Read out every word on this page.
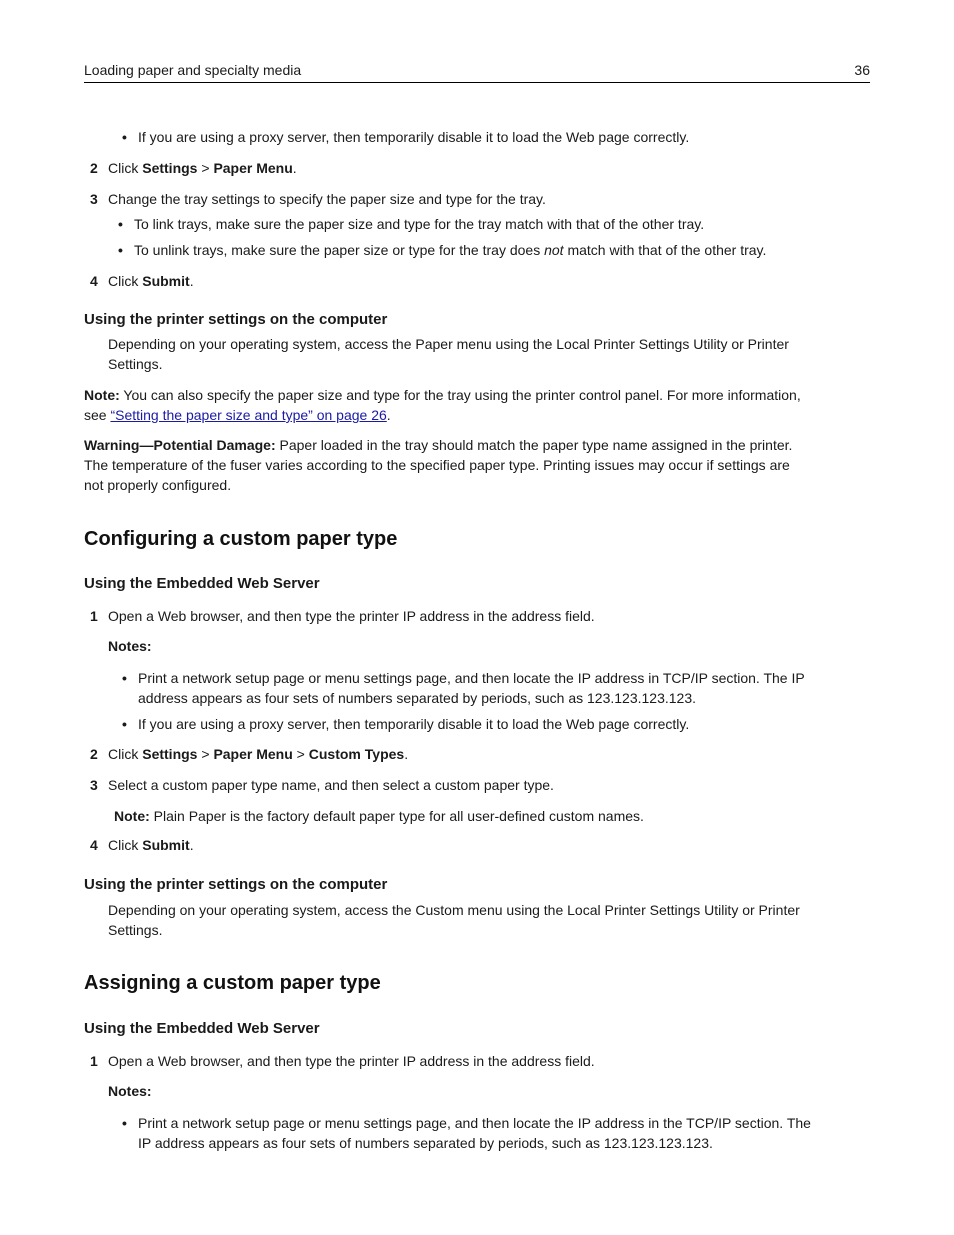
Loading paper and specialty media	36
• If you are using a proxy server, then temporarily disable it to load the Web page correctly.
2 Click Settings > Paper Menu.
3 Change the tray settings to specify the paper size and type for the tray.
• To link trays, make sure the paper size and type for the tray match with that of the other tray.
• To unlink trays, make sure the paper size or type for the tray does not match with that of the other tray.
4 Click Submit.
Using the printer settings on the computer
Depending on your operating system, access the Paper menu using the Local Printer Settings Utility or Printer
Settings.
Note: You can also specify the paper size and type for the tray using the printer control panel. For more information,
see “Setting the paper size and type” on page 26.
Warning—Potential Damage: Paper loaded in the tray should match the paper type name assigned in the printer.
The temperature of the fuser varies according to the specified paper type. Printing issues may occur if settings are
not properly configured.
Configuring a custom paper type
Using the Embedded Web Server
1 Open a Web browser, and then type the printer IP address in the address field.
Notes:
• Print a network setup page or menu settings page, and then locate the IP address in TCP/IP section. The IP
address appears as four sets of numbers separated by periods, such as 123.123.123.123.
• If you are using a proxy server, then temporarily disable it to load the Web page correctly.
2 Click Settings > Paper Menu > Custom Types.
3 Select a custom paper type name, and then select a custom paper type.
Note: Plain Paper is the factory default paper type for all user-defined custom names.
4 Click Submit.
Using the printer settings on the computer
Depending on your operating system, access the Custom menu using the Local Printer Settings Utility or Printer
Settings.
Assigning a custom paper type
Using the Embedded Web Server
1 Open a Web browser, and then type the printer IP address in the address field.
Notes:
• Print a network setup page or menu settings page, and then locate the IP address in the TCP/IP section. The
IP address appears as four sets of numbers separated by periods, such as 123.123.123.123.
